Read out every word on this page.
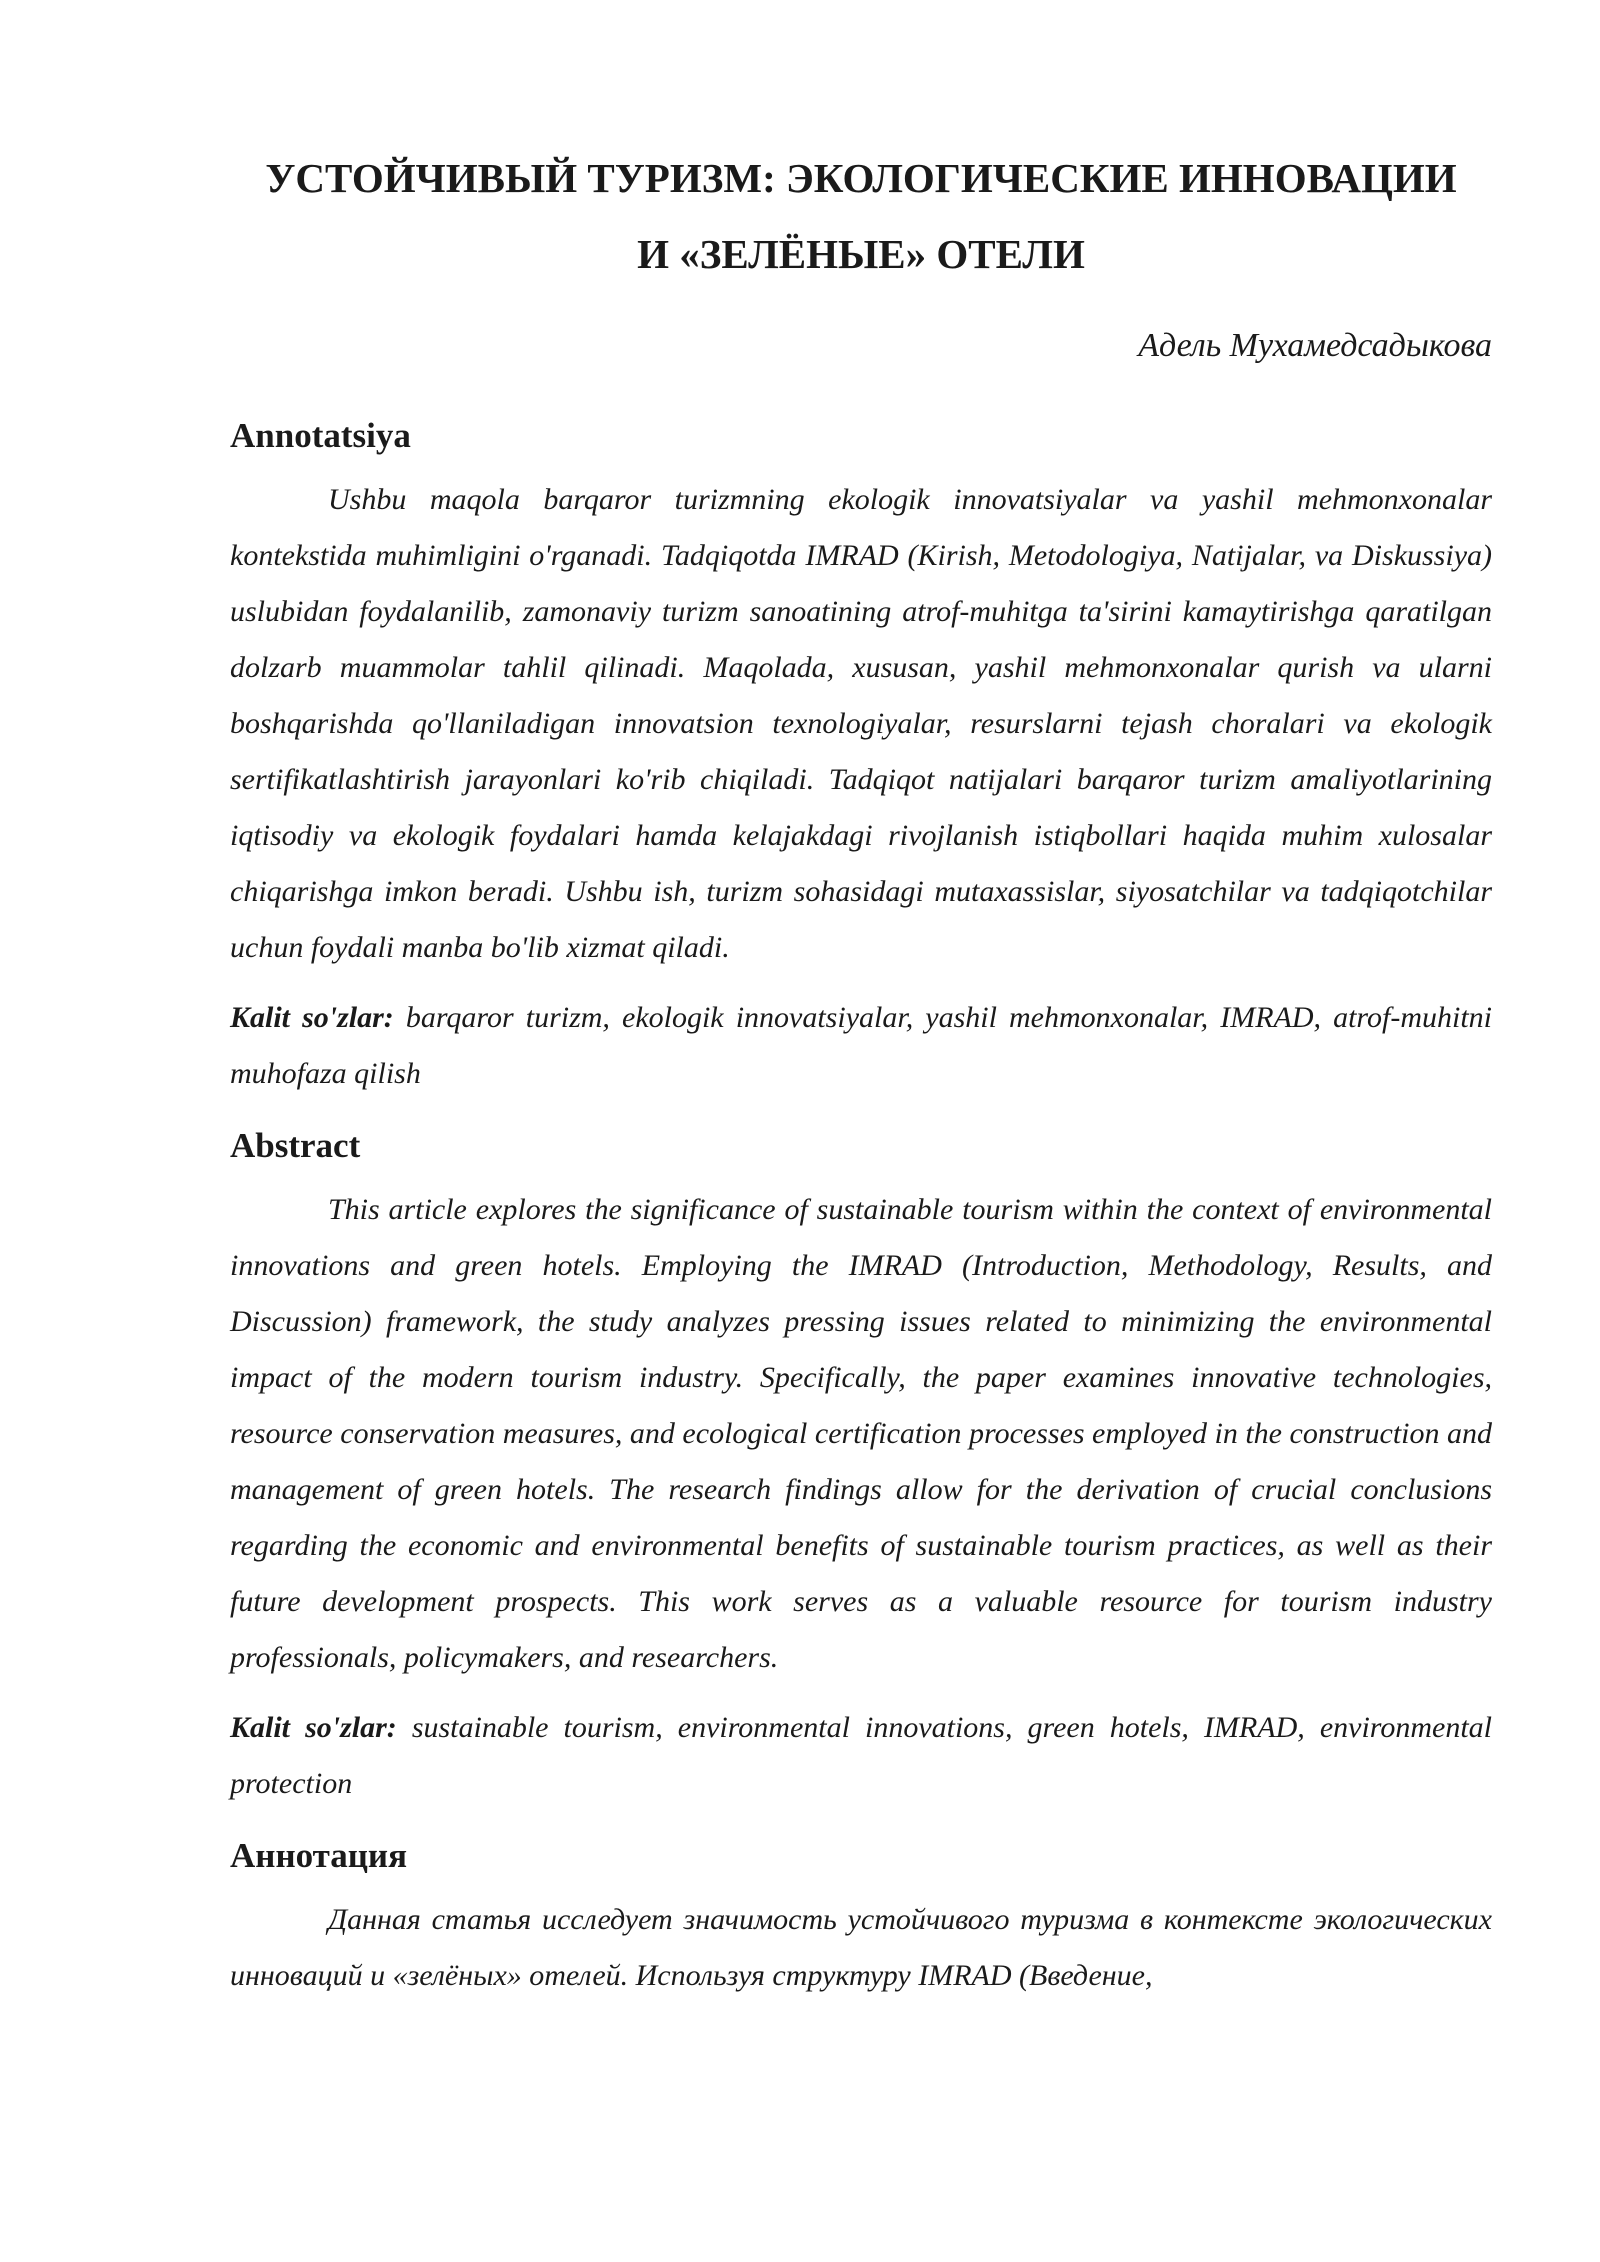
УСТОЙЧИВЫЙ ТУРИЗМ: ЭКОЛОГИЧЕСКИЕ ИННОВАЦИИ
И «ЗЕЛЁНЫЕ» ОТЕЛИ

Адель Мухамедсадыкова

Annotatsiya

Ushbu maqola barqaror turizmning ekologik innovatsiyalar va yashil mehmonxonalar kontekstida muhimligini o'rganadi. Tadqiqotda IMRAD (Kirish, Metodologiya, Natijalar, va Diskussiya) uslubidan foydalanilib, zamonaviy turizm sanoatining atrof-muhitga ta'sirini kamaytirishga qaratilgan dolzarb muammolar tahlil qilinadi. Maqolada, xususan, yashil mehmonxonalar qurish va ularni boshqarishda qo'llaniladigan innovatsion texnologiyalar, resurslarni tejash choralari va ekologik sertifikatlashtirish jarayonlari ko'rib chiqiladi. Tadqiqot natijalari barqaror turizm amaliyotlarining iqtisodiy va ekologik foydalari hamda kelajakdagi rivojlanish istiqbollari haqida muhim xulosalar chiqarishga imkon beradi. Ushbu ish, turizm sohasidagi mutaxassislar, siyosatchilar va tadqiqotchilar uchun foydali manba bo'lib xizmat qiladi.

Kalit so'zlar: barqaror turizm, ekologik innovatsiyalar, yashil mehmonxonalar, IMRAD, atrof-muhitni muhofaza qilish

Abstract

This article explores the significance of sustainable tourism within the context of environmental innovations and green hotels. Employing the IMRAD (Introduction, Methodology, Results, and Discussion) framework, the study analyzes pressing issues related to minimizing the environmental impact of the modern tourism industry. Specifically, the paper examines innovative technologies, resource conservation measures, and ecological certification processes employed in the construction and management of green hotels. The research findings allow for the derivation of crucial conclusions regarding the economic and environmental benefits of sustainable tourism practices, as well as their future development prospects. This work serves as a valuable resource for tourism industry professionals, policymakers, and researchers.

Kalit so'zlar: sustainable tourism, environmental innovations, green hotels, IMRAD, environmental protection

Аннотация

Данная статья исследует значимость устойчивого туризма в контексте экологических инноваций и «зелёных» отелей. Используя структуру IMRAD (Введение,
